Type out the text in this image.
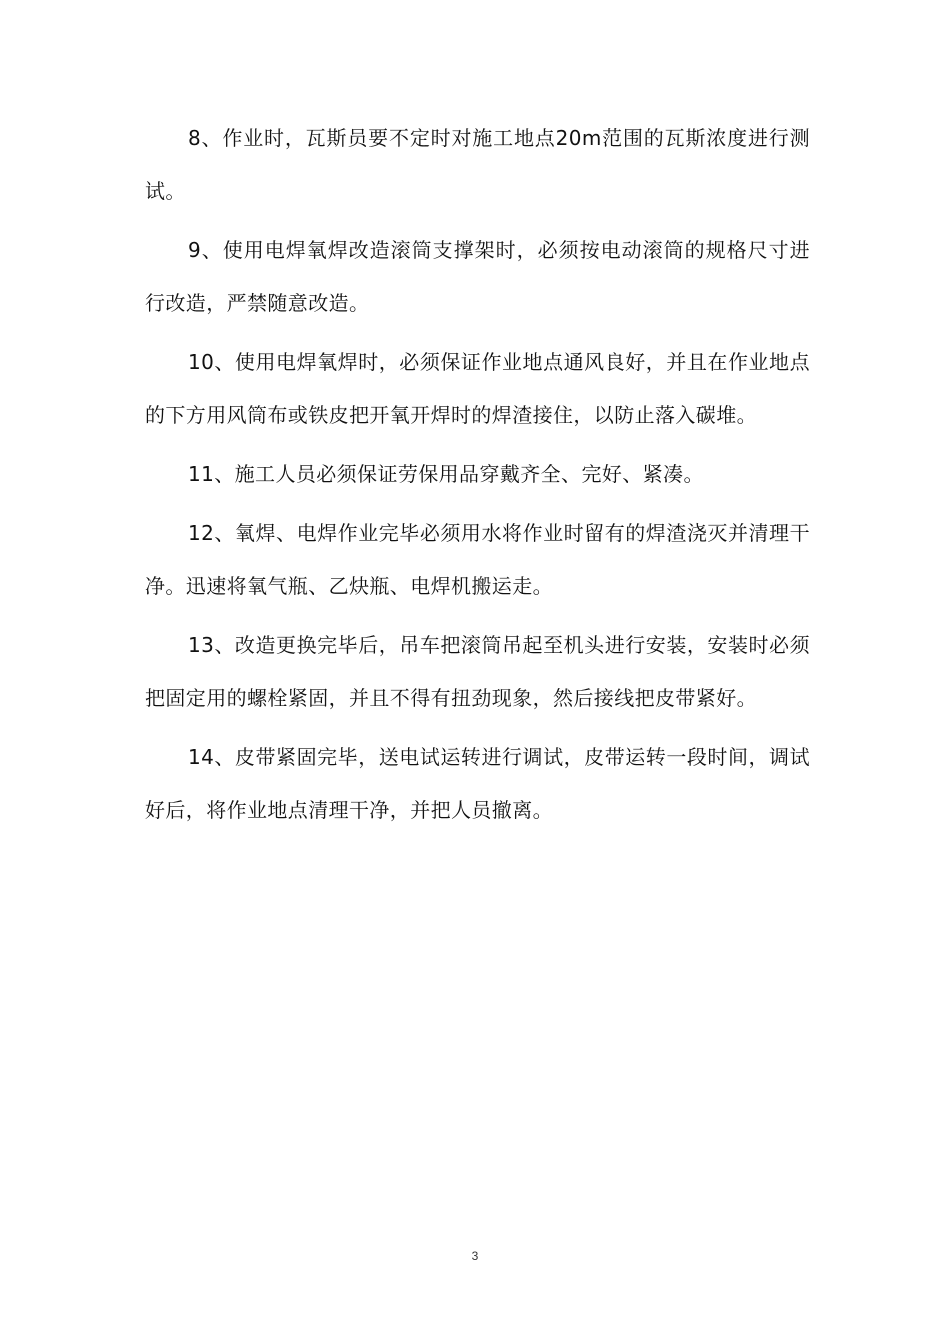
8、作业时，瓦斯员要不定时对施工地点20m范围的瓦斯浓度进行测试。

9、使用电焊氧焊改造滚筒支撑架时，必须按电动滚筒的规格尺寸进行改造，严禁随意改造。

10、使用电焊氧焊时，必须保证作业地点通风良好，并且在作业地点的下方用风筒布或铁皮把开氧开焊时的焊渣接住，以防止落入碳堆。

11、施工人员必须保证劳保用品穿戴齐全、完好、紧凑。

12、氧焊、电焊作业完毕必须用水将作业时留有的焊渣浇灭并清理干净。迅速将氧气瓶、乙炔瓶、电焊机搬运走。

13、改造更换完毕后，吊车把滚筒吊起至机头进行安装，安装时必须把固定用的螺栓紧固，并且不得有扭劲现象，然后接线把皮带紧好。

14、皮带紧固完毕，送电试运转进行调试，皮带运转一段时间，调试好后，将作业地点清理干净，并把人员撤离。

3
